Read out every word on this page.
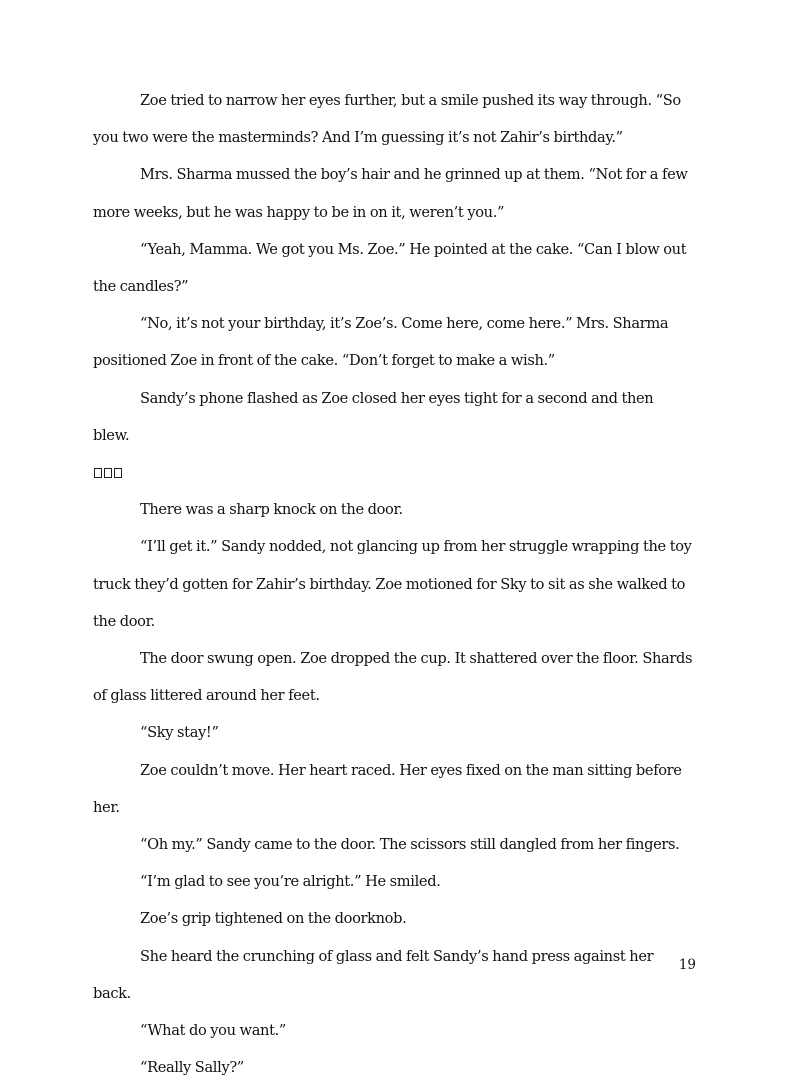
Zoe tried to narrow her eyes further, but a smile pushed its way through. “So you two were the masterminds? And I’m guessing it’s not Zahir’s birthday.”

Mrs. Sharma mussed the boy’s hair and he grinned up at them. “Not for a few more weeks, but he was happy to be in on it, weren’t you.”

“Yeah, Mamma. We got you Ms. Zoe.” He pointed at the cake. “Can I blow out the candles?”

“No, it’s not your birthday, it’s Zoe’s. Come here, come here.” Mrs. Sharma positioned Zoe in front of the cake. “Don’t forget to make a wish.”

Sandy’s phone flashed as Zoe closed her eyes tight for a second and then blew.

There was a sharp knock on the door.

“I’ll get it.” Sandy nodded, not glancing up from her struggle wrapping the toy truck they’d gotten for Zahir’s birthday. Zoe motioned for Sky to sit as she walked to the door.

The door swung open. Zoe dropped the cup. It shattered over the floor. Shards of glass littered around her feet.

“Sky stay!”

Zoe couldn’t move. Her heart raced. Her eyes fixed on the man sitting before her.

“Oh my.” Sandy came to the door. The scissors still dangled from her fingers.

“I’m glad to see you’re alright.” He smiled.

Zoe’s grip tightened on the doorknob.

She heard the crunching of glass and felt Sandy’s hand press against her back.

“What do you want.”

“Really Sally?”

19
